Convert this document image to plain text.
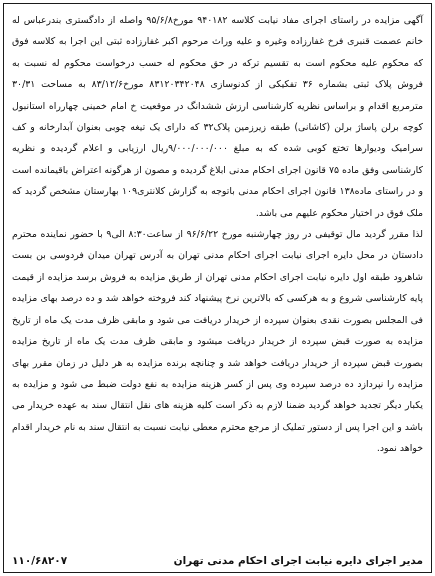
آگهی مزایده در راستای اجرای مفاد نیابت کلاسه ۹۴۰۱۸۲ مورخ۹۵/۶/۸ واصله از دادگستری بندرعباس له خانم عصمت قنبری فرخ غفارزاده وغیره و علیه وراث مرحوم اکبر غفارزاده ثبتی این اجرا به کلاسه فوق که محکوم علیه محکوم است به تقسیم ترکه در حق محکوم له حسب درخواست محکوم له نسبت به فروش پلاک ثبتی بشماره ۳۶ تفکیکی از کدنوسازی ۸۳۱۲۰۳۴۲۰۴۸ مورخ۸۳/۱۲/۶ به مساحت ۳۰/۳۱ مترمربع اقدام و براساس نظریه کارشناسی ارزش ششدانگ در موقعیت خ امام خمینی چهارراه استانبول کوچه برلن پاساژ برلن (کاشانی) طبقه زیرزمین پلاک۳۲ که دارای یک تیغه چوبی بعنوان آبدارخانه و کف سرامیک ودیوارها تختع کوبی شده که به مبلغ ۹/۰۰۰/۰۰۰/۰۰۰ریال ارزیابی و اعلام گردیده و نظریه کارشناسی وفق ماده ۷۵ قانون اجرای احکام مدنی ابلاغ گردیده و مصون از هرگونه اعتراض باقیمانده است و در راستای ماده۱۳۸ قانون اجرای احکام مدنی باتوجه به گزارش کلانتری۱۰۹ بهارستان مشخص گردید که ملک فوق در اختیار محکوم علیهم می باشد.

لذا مقرر گردید مال توقیفی در روز چهارشنبه مورخ ۹۶/۶/۲۲ از ساعت۸:۳۰ الی۹ با حضور نماینده محترم دادستان در محل دایره اجرای نیابت اجرای احکام مدنی تهران به آدرس تهران میدان فردوسی بن بست شاهرود طبقه اول دایره نیابت اجرای احکام مدنی تهران از طریق مزایده به فروش برسد مزایده از قیمت پایه کارشناسی شروع و به هرکسی که بالاترین نرخ پیشنهاد کند فروخته خواهد شد و ده درصد بهای مزایده فی المجلس بصورت نقدی بعنوان سپرده از خریدار دریافت می شود و مابقی ظرف مدت یک ماه از تاریخ مزایده به صورت قبض سپرده از خریدار دریافت میشود و مابقی ظرف مدت یک ماه از تاریخ مزایده بصورت قبض سپرده از خریدار دریافت خواهد شد و چنانچه برنده مزایده به هر دلیل در زمان مقرر بهای مزایده را نپردازد ده درصد سپرده وی پس از کسر هزینه مزایده به نفع دولت ضبط می شود و مزایده به یکبار دیگر تجدید خواهد گردید ضمنا لازم به ذکر است کلیه هزینه های نقل انتقال سند به عهده خریدار می باشد و این اجرا پس از دستور تملیک از مرجع محترم معطی نیابت نسبت به انتقال سند به نام خریدار اقدام خواهد نمود.

مدیر اجرای دایره نیابت اجرای احکام مدنی تهران
۱۱۰/۶۸۲۰۷
